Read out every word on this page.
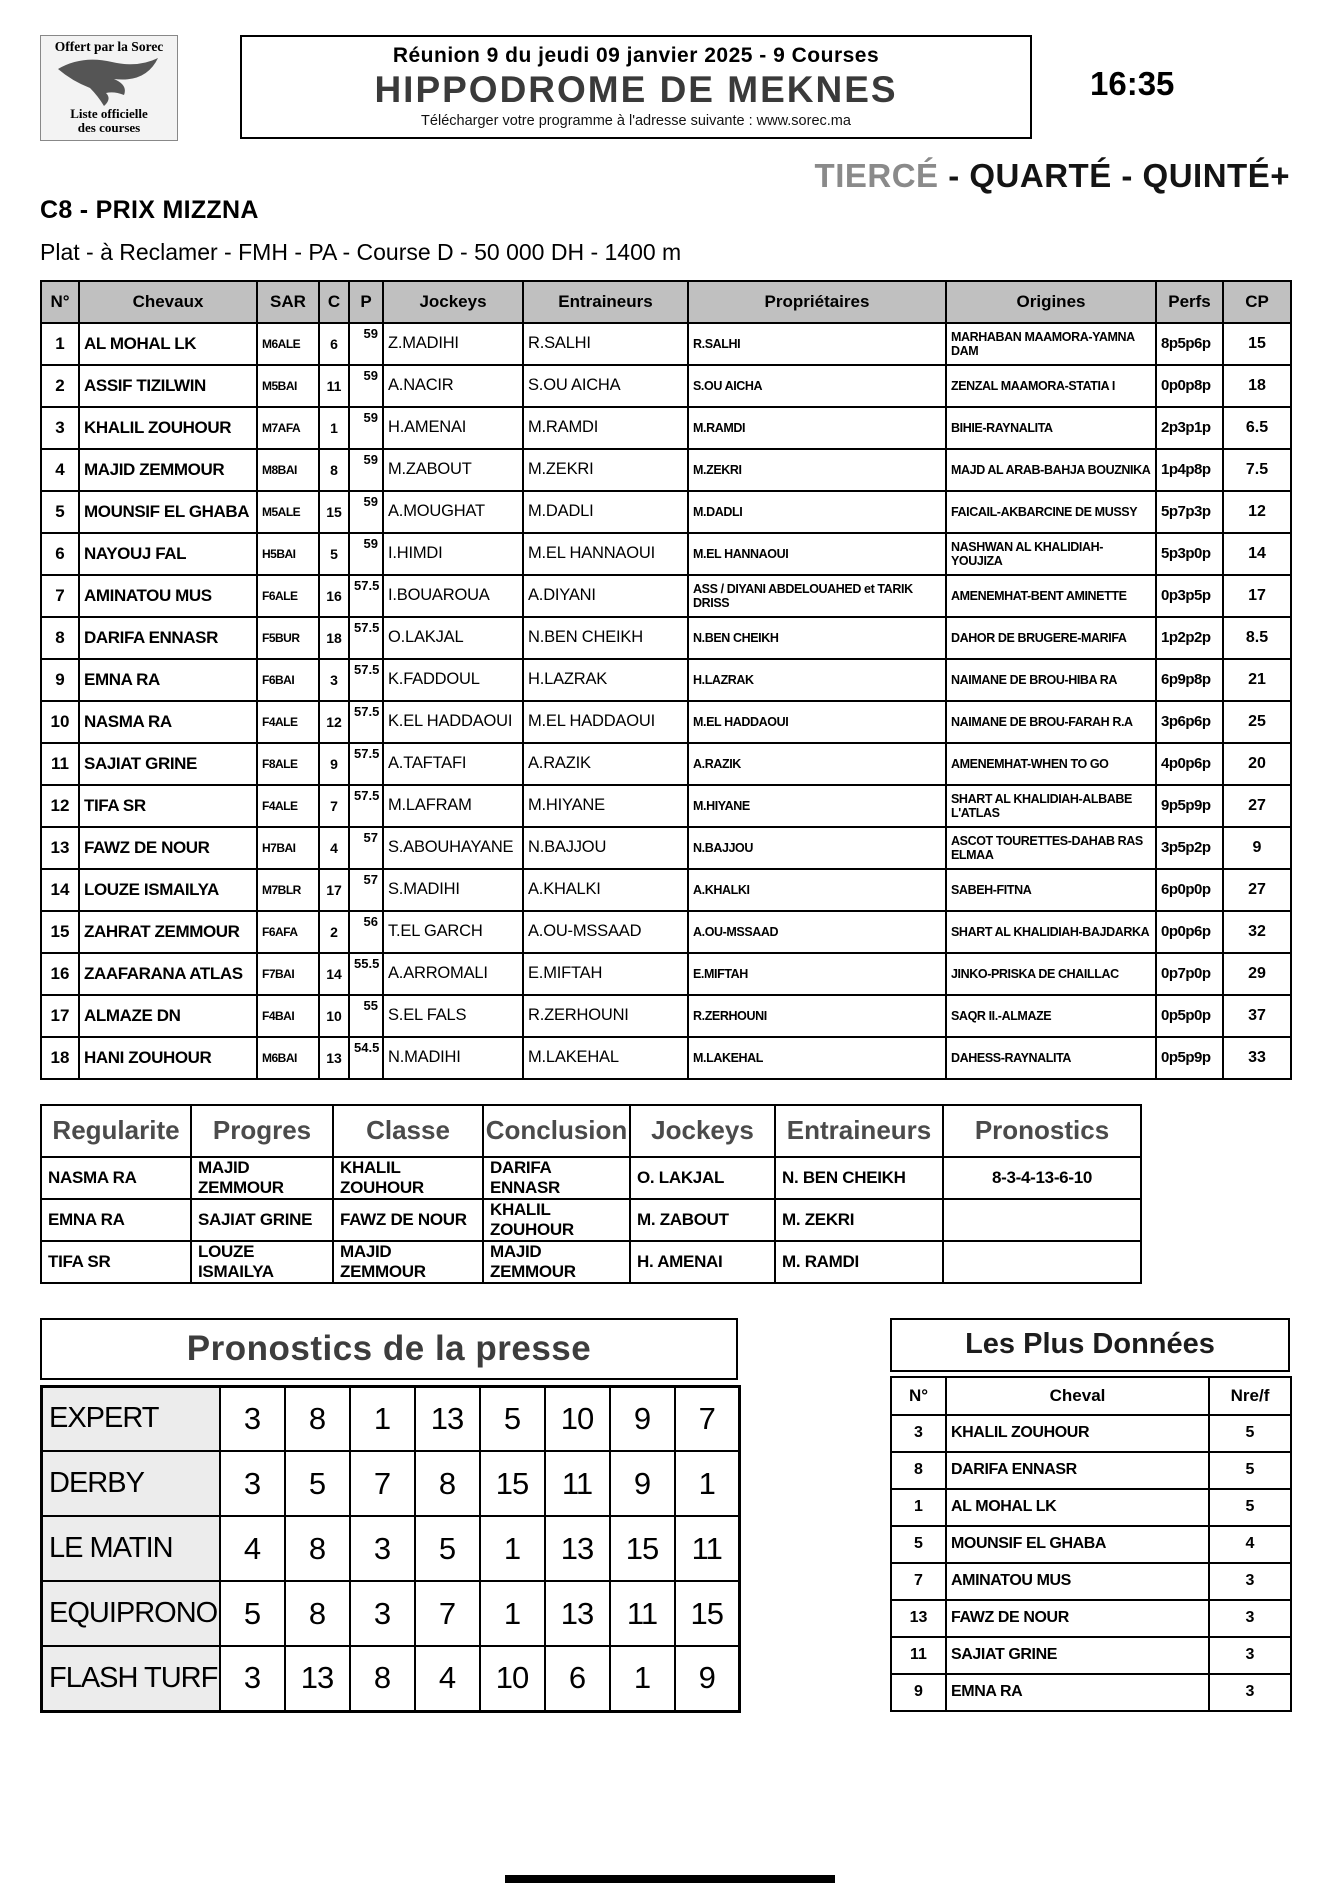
Offert par la Sorec
Liste officielle
des courses
Réunion 9 du jeudi 09 janvier 2025 - 9 Courses
HIPPODROME DE MEKNES
Télécharger votre programme à l'adresse suivante : www.sorec.ma
16:35
TIERCÉ - QUARTÉ - QUINTÉ+
C8 - PRIX MIZZNA
Plat - à Reclamer - FMH - PA - Course D - 50 000 DH - 1400 m
N°	Chevaux	SAR	C	P	Jockeys	Entraineurs	Propriétaires	Origines	Perfs	CP
1	AL MOHAL LK	M6ALE	6	59	Z.MADIHI	R.SALHI	R.SALHI	MARHABAN MAAMORA-YAMNA DAM	8p5p6p	15
2	ASSIF TIZILWIN	M5BAI	11	59	A.NACIR	S.OU AICHA	S.OU AICHA	ZENZAL MAAMORA-STATIA I	0p0p8p	18
3	KHALIL ZOUHOUR	M7AFA	1	59	H.AMENAI	M.RAMDI	M.RAMDI	BIHIE-RAYNALITA	2p3p1p	6.5
4	MAJID ZEMMOUR	M8BAI	8	59	M.ZABOUT	M.ZEKRI	M.ZEKRI	MAJD AL ARAB-BAHJA BOUZNIKA	1p4p8p	7.5
5	MOUNSIF EL GHABA	M5ALE	15	59	A.MOUGHAT	M.DADLI	M.DADLI	FAICAIL-AKBARCINE DE MUSSY	5p7p3p	12
6	NAYOUJ FAL	H5BAI	5	59	I.HIMDI	M.EL HANNAOUI	M.EL HANNAOUI	NASHWAN AL KHALIDIAH-YOUJIZA	5p3p0p	14
7	AMINATOU MUS	F6ALE	16	57.5	I.BOUAROUA	A.DIYANI	ASS / DIYANI ABDELOUAHED et TARIK DRISS	AMENEMHAT-BENT AMINETTE	0p3p5p	17
8	DARIFA ENNASR	F5BUR	18	57.5	O.LAKJAL	N.BEN CHEIKH	N.BEN CHEIKH	DAHOR DE BRUGERE-MARIFA	1p2p2p	8.5
9	EMNA RA	F6BAI	3	57.5	K.FADDOUL	H.LAZRAK	H.LAZRAK	NAIMANE DE BROU-HIBA RA	6p9p8p	21
10	NASMA RA	F4ALE	12	57.5	K.EL HADDAOUI	M.EL HADDAOUI	M.EL HADDAOUI	NAIMANE DE BROU-FARAH R.A	3p6p6p	25
11	SAJIAT GRINE	F8ALE	9	57.5	A.TAFTAFI	A.RAZIK	A.RAZIK	AMENEMHAT-WHEN TO GO	4p0p6p	20
12	TIFA SR	F4ALE	7	57.5	M.LAFRAM	M.HIYANE	M.HIYANE	SHART AL KHALIDIAH-ALBABE L'ATLAS	9p5p9p	27
13	FAWZ DE NOUR	H7BAI	4	57	S.ABOUHAYANE	N.BAJJOU	N.BAJJOU	ASCOT TOURETTES-DAHAB RAS ELMAA	3p5p2p	9
14	LOUZE ISMAILYA	M7BLR	17	57	S.MADIHI	A.KHALKI	A.KHALKI	SABEH-FITNA	6p0p0p	27
15	ZAHRAT ZEMMOUR	F6AFA	2	56	T.EL GARCH	A.OU-MSSAAD	A.OU-MSSAAD	SHART AL KHALIDIAH-BAJDARKA	0p0p6p	32
16	ZAAFARANA ATLAS	F7BAI	14	55.5	A.ARROMALI	E.MIFTAH	E.MIFTAH	JINKO-PRISKA DE CHAILLAC	0p7p0p	29
17	ALMAZE DN	F4BAI	10	55	S.EL FALS	R.ZERHOUNI	R.ZERHOUNI	SAQR II.-ALMAZE	0p5p0p	37
18	HANI ZOUHOUR	M6BAI	13	54.5	N.MADIHI	M.LAKEHAL	M.LAKEHAL	DAHESS-RAYNALITA	0p5p9p	33
Regularite	Progres	Classe	Conclusion	Jockeys	Entraineurs	Pronostics
NASMA RA	MAJID ZEMMOUR	KHALIL ZOUHOUR	DARIFA ENNASR	O. LAKJAL	N. BEN CHEIKH	8-3-4-13-6-10
EMNA RA	SAJIAT GRINE	FAWZ DE NOUR	KHALIL ZOUHOUR	M. ZABOUT	M. ZEKRI	
TIFA SR	LOUZE ISMAILYA	MAJID ZEMMOUR	MAJID ZEMMOUR	H. AMENAI	M. RAMDI	
Pronostics de la presse
EXPERT	3	8	1	13	5	10	9	7
DERBY	3	5	7	8	15	11	9	1
LE MATIN	4	8	3	5	1	13	15	11
EQUIPRONO	5	8	3	7	1	13	11	15
FLASH TURF	3	13	8	4	10	6	1	9
Les Plus Données
N°	Cheval	Nre/f
3	KHALIL ZOUHOUR	5
8	DARIFA ENNASR	5
1	AL MOHAL LK	5
5	MOUNSIF EL GHABA	4
7	AMINATOU MUS	3
13	FAWZ DE NOUR	3
11	SAJIAT GRINE	3
9	EMNA RA	3
